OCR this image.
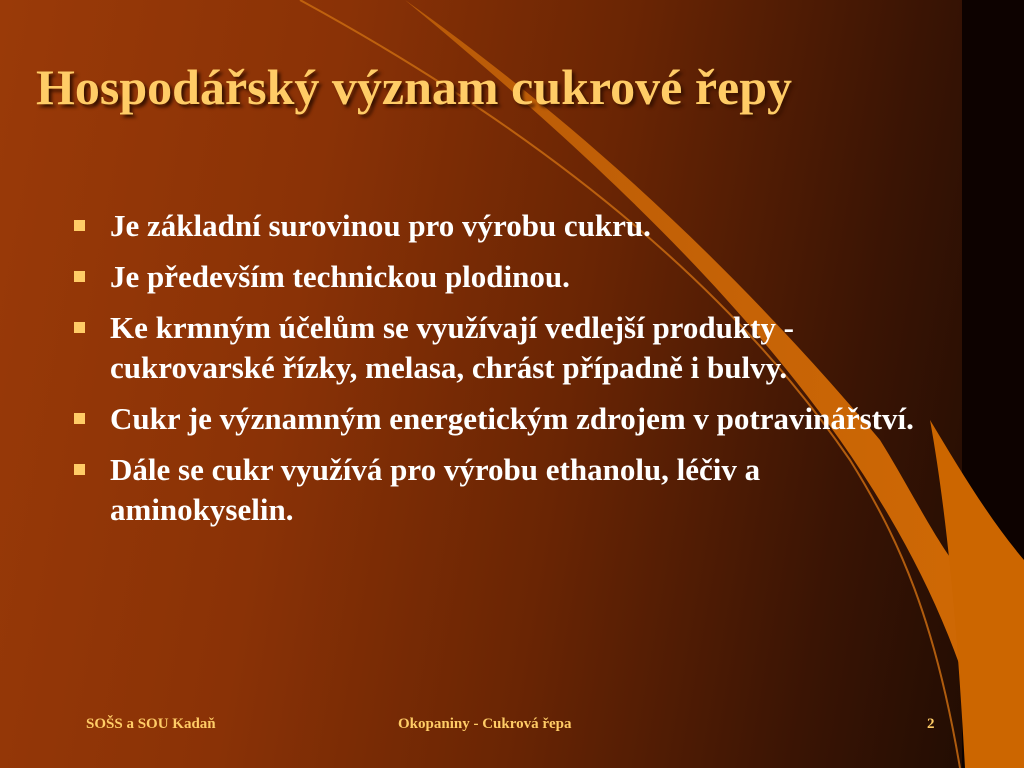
Hospodářský význam cukrové řepy
Je základní surovinou pro výrobu cukru.
Je především technickou plodinou.
Ke krmným účelům se využívají vedlejší produkty - cukrovarské řízky, melasa, chrást případně i bulvy.
Cukr je významným energetickým zdrojem v potravinářství.
Dále se cukr využívá pro výrobu ethanolu, léčiv a aminokyselin.
SOŠS a SOU Kadaň	Okopaniny - Cukrová řepa	2
